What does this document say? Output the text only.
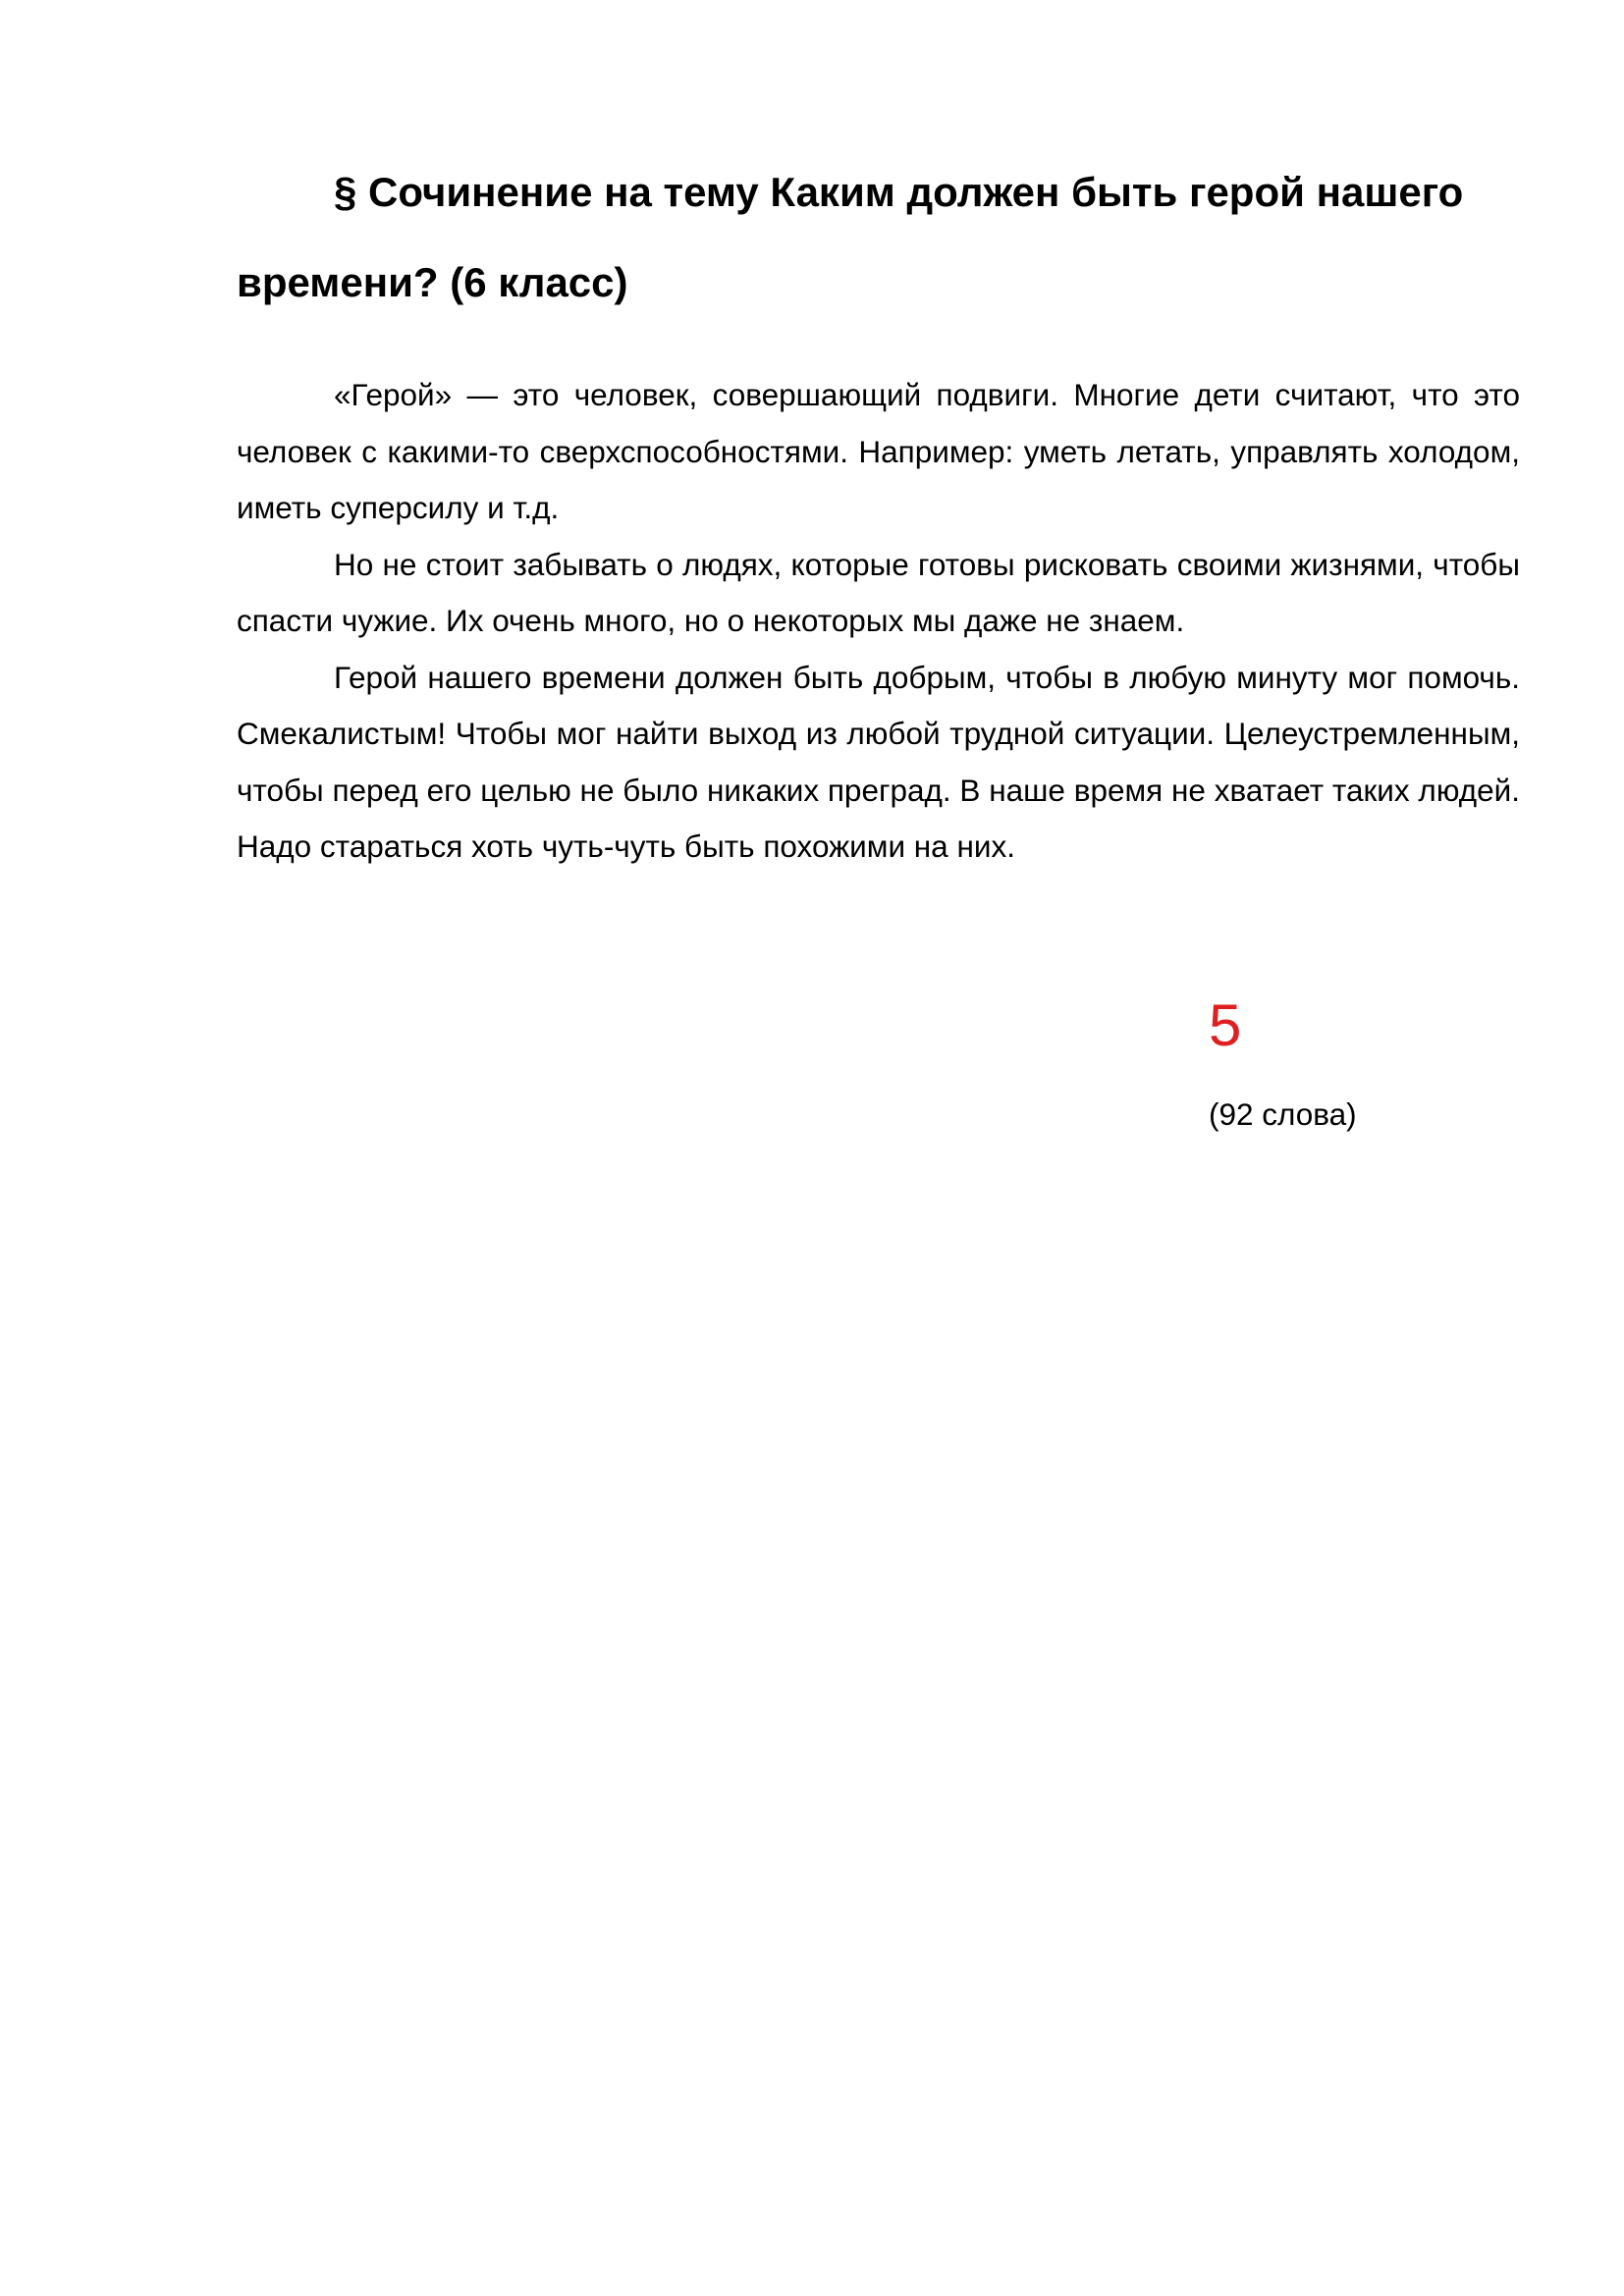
§ Сочинение на тему Каким должен быть герой нашего времени? (6 класс)

«Герой» — это человек, совершающий подвиги. Многие дети считают, что это человек с какими-то сверхспособностями. Например: уметь летать, управлять холодом, иметь суперсилу и т.д.

Но не стоит забывать о людях, которые готовы рисковать своими жизнями, чтобы спасти чужие. Их очень много, но о некоторых мы даже не знаем.

Герой нашего времени должен быть добрым, чтобы в любую минуту мог помочь. Смекалистым! Чтобы мог найти выход из любой трудной ситуации. Целеустремленным, чтобы перед его целью не было никаких преград. В наше время не хватает таких людей. Надо стараться хоть чуть-чуть быть похожими на них.

5
(92 слова)
